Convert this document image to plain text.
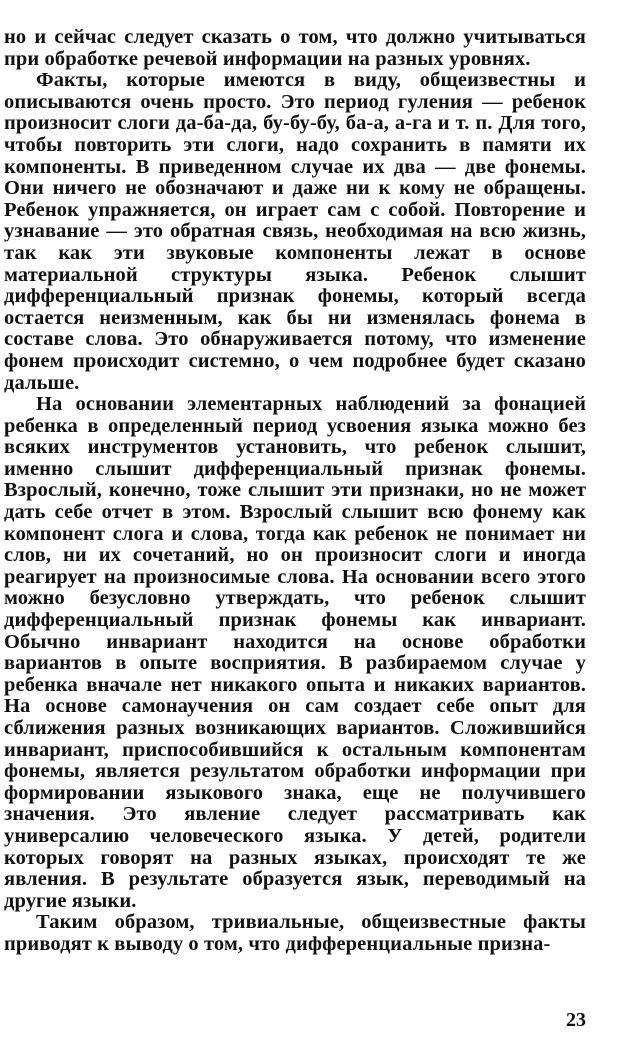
но и сейчас следует сказать о том, что должно учитываться при обработке речевой информации на разных уровнях.

Факты, которые имеются в виду, общеизвестны и описываются очень просто. Это период гуления — ребенок произносит слоги да-ба-да, бу-бу-бу, ба-а, а-га и т. п. Для того, чтобы повторить эти слоги, надо сохранить в памяти их компоненты. В приведенном случае их два — две фонемы. Они ничего не обозначают и даже ни к кому не обращены. Ребенок упражняется, он играет сам с собой. Повторение и узнавание — это обратная связь, необходимая на всю жизнь, так как эти звуковые компоненты лежат в основе материальной структуры языка. Ребенок слышит дифференциальный признак фонемы, который всегда остается неизменным, как бы ни изменялась фонема в составе слова. Это обнаруживается потому, что изменение фонем происходит системно, о чем подробнее будет сказано дальше.

На основании элементарных наблюдений за фонацией ребенка в определенный период усвоения языка можно без всяких инструментов установить, что ребенок слышит, именно слышит дифференциальный признак фонемы. Взрослый, конечно, тоже слышит эти признаки, но не может дать себе отчет в этом. Взрослый слышит всю фонему как компонент слога и слова, тогда как ребенок не понимает ни слов, ни их сочетаний, но он произносит слоги и иногда реагирует на произносимые слова. На основании всего этого можно безусловно утверждать, что ребенок слышит дифференциальный признак фонемы как инвариант. Обычно инвариант находится на основе обработки вариантов в опыте восприятия. В разбираемом случае у ребенка вначале нет никакого опыта и никаких вариантов. На основе самонаучения он сам создает себе опыт для сближения разных возникающих вариантов. Сложившийся инвариант, приспособившийся к остальным компонентам фонемы, является результатом обработки информации при формировании языкового знака, еще не получившего значения. Это явление следует рассматривать как универсалию человеческого языка. У детей, родители которых говорят на разных языках, происходят те же явления. В результате образуется язык, переводимый на другие языки.

Таким образом, тривиальные, общеизвестные факты приводят к выводу о том, что дифференциальные призна-

23
